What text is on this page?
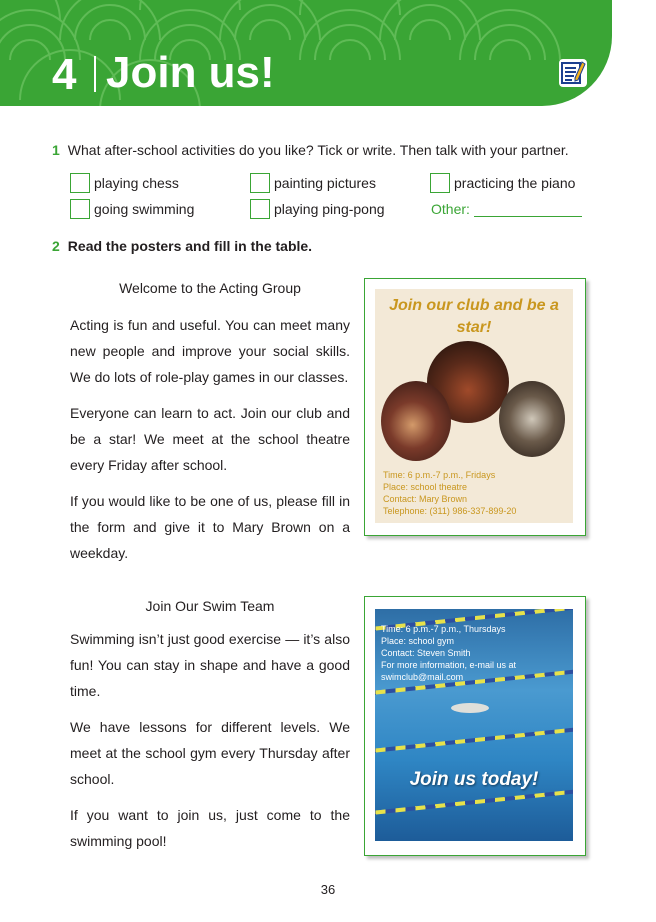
4 Join us!
1 What after-school activities do you like? Tick or write. Then talk with your partner.
playing chess	painting pictures	practicing the piano
going swimming	playing ping-pong	Other:
2 Read the posters and fill in the table.
Welcome to the Acting Group

Acting is fun and useful. You can meet many new people and improve your social skills. We do lots of role-play games in our classes.

Everyone can learn to act. Join our club and be a star! We meet at the school theatre every Friday after school.

If you would like to be one of us, please fill in the form and give it to Mary Brown on a weekday.

Join our club and be a star!
Time: 6 p.m.-7 p.m., Fridays
Place: school theatre
Contact: Mary Brown
Telephone: (311) 986-337-899-20
Join Our Swim Team

Swimming isn’t just good exercise — it’s also fun! You can stay in shape and have a good time.

We have lessons for different levels. We meet at the school gym every Thursday after school.

If you want to join us, just come to the swimming pool!

Time: 6 p.m.-7 p.m., Thursdays
Place: school gym
Contact: Steven Smith
For more information, e-mail us at
swimclub@mail.com
Join us today!
36
